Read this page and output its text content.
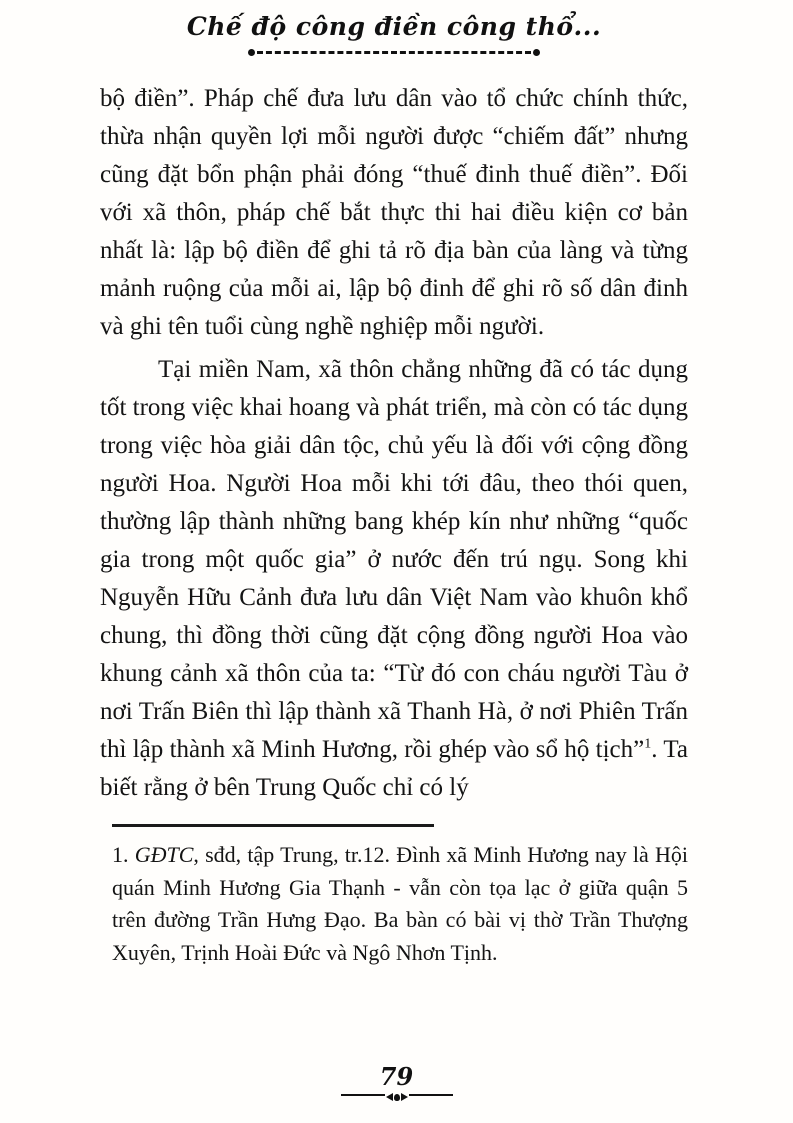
Chế độ công điền công thổ...

bộ điền”. Pháp chế đưa lưu dân vào tổ chức chính thức, thừa nhận quyền lợi mỗi người được “chiếm đất” nhưng cũng đặt bổn phận phải đóng “thuế đinh thuế điền”. Đối với xã thôn, pháp chế bắt thực thi hai điều kiện cơ bản nhất là: lập bộ điền để ghi tả rõ địa bàn của làng và từng mảnh ruộng của mỗi ai, lập bộ đinh để ghi rõ số dân đinh và ghi tên tuổi cùng nghề nghiệp mỗi người.

Tại miền Nam, xã thôn chẳng những đã có tác dụng tốt trong việc khai hoang và phát triển, mà còn có tác dụng trong việc hòa giải dân tộc, chủ yếu là đối với cộng đồng người Hoa. Người Hoa mỗi khi tới đâu, theo thói quen, thường lập thành những bang khép kín như những “quốc gia trong một quốc gia” ở nước đến trú ngụ. Song khi Nguyễn Hữu Cảnh đưa lưu dân Việt Nam vào khuôn khổ chung, thì đồng thời cũng đặt cộng đồng người Hoa vào khung cảnh xã thôn của ta: “Từ đó con cháu người Tàu ở nơi Trấn Biên thì lập thành xã Thanh Hà, ở nơi Phiên Trấn thì lập thành xã Minh Hương, rồi ghép vào sổ hộ tịch”$^1$. Ta biết rằng ở bên Trung Quốc chỉ có lý

1. GĐTC, sđd, tập Trung, tr.12. Đình xã Minh Hương nay là Hội quán Minh Hương Gia Thạnh - vẫn còn tọa lạc ở giữa quận 5 trên đường Trần Hưng Đạo. Ba bàn có bài vị thờ Trần Thượng Xuyên, Trịnh Hoài Đức và Ngô Nhơn Tịnh.

79
